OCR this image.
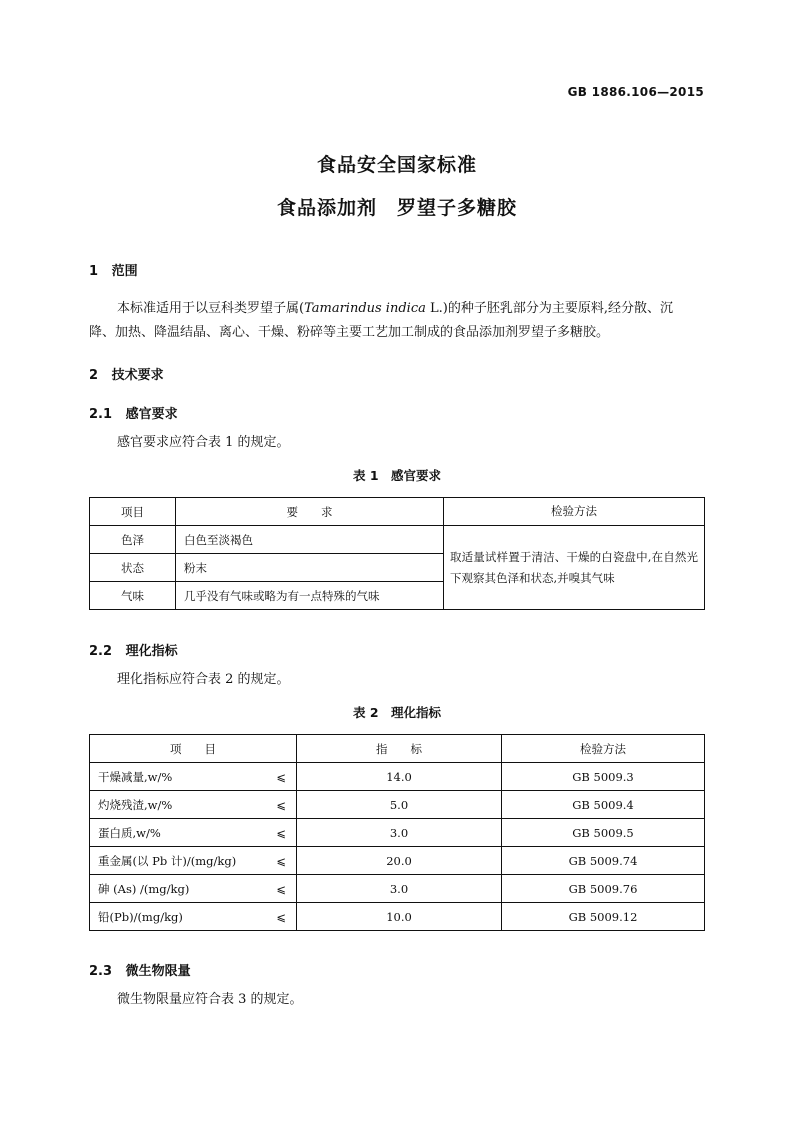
GB 1886.106—2015
食品安全国家标准
食品添加剂　罗望子多糖胶
1 范围
本标准适用于以豆科类罗望子属(Tamarindus indica L.)的种子胚乳部分为主要原料,经分散、沉
降、加热、降温结晶、离心、干燥、粉碎等主要工艺加工制成的食品添加剂罗望子多糖胶。
2 技术要求
2.1 感官要求
感官要求应符合表 1 的规定。
表 1　感官要求
项目	要　　求	检验方法
色泽	白色至淡褐色	取适量试样置于清洁、干燥的白瓷盘中,在自然光下观察其色泽和状态,并嗅其气味
状态	粉末	
气味	几乎没有气味或略为有一点特殊的气味	
2.2 理化指标
理化指标应符合表 2 的规定。
表 2　理化指标
项　　目	指　　标	检验方法
干燥减量,w/% ⩽	14.0	GB 5009.3
灼烧残渣,w/% ⩽	5.0	GB 5009.4
蛋白质,w/% ⩽	3.0	GB 5009.5
重金属(以 Pb 计)/(mg/kg) ⩽	20.0	GB 5009.74
砷 (As) /(mg/kg) ⩽	3.0	GB 5009.76
铅(Pb)/(mg/kg) ⩽	10.0	GB 5009.12
2.3 微生物限量
微生物限量应符合表 3 的规定。
